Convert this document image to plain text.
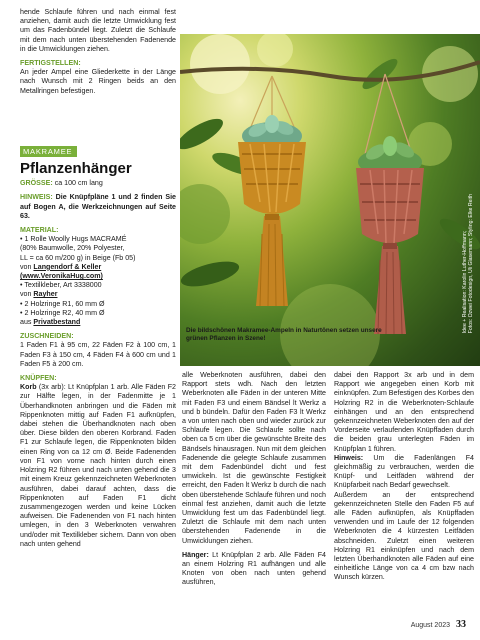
hende Schlaufe führen und nach einmal fest anziehen, damit auch die letzte Umwicklung fest um das Fadenbündel liegt. Zuletzt die Schlaufe mit dem nach unten überstehenden Fadenende in die Umwicklungen ziehen.

FERTIGSTELLEN:

An jeder Ampel eine Gliederkette in der Länge nach Wunsch mit 2 Ringen beids an den Metallringen befestigen.

Die bildschönen Makramee-Ampeln in Naturtönen setzen unsere grünen Pflanzen in Szene!
Idee + Realisation: Karolin Luther-Hoffmann;
Fotos: Ozwei Fotodesign, Uli Glasemann; Styling: Elke Reith
MAKRAMEE
Pflanzenhänger

GRÖSSE: ca 100 cm lang

HINWEIS: Die Knüpfpläne 1 und 2 finden Sie auf Bogen A, die Werkzeichnungen auf Seite 63.

MATERIAL:

• 1 Rolle Woolly Hugs MACRAMÉ
(80% Baumwolle, 20% Polyester,
LL = ca 60 m/200 g) in Beige (Fb 05)
von Langendorf & Keller
(www.VeronikaHug.com)
• Textilkleber, Art 3338000
von Rayher
• 2 Holzringe R1, 60 mm Ø
• 2 Holzringe R2, 40 mm Ø
aus Privatbestand

ZUSCHNEIDEN:

1 Faden F1 à 95 cm, 22 Fäden F2 à 100 cm, 1 Faden F3 à 150 cm, 4 Fäden F4 à 600 cm und 1 Faden F5 à 200 cm.

KNÜPFEN:

Korb (3x arb): Lt Knüpfplan 1 arb. Alle Fäden F2 zur Hälfte legen, in der Fadenmitte je 1 Überhandknoten anbringen und die Fäden mit Rippenknoten mittig auf Faden F1 aufknüpfen, dabei stehen die Überhandknoten nach oben über. Diese bilden den oberen Korbrand. Faden F1 zur Schlaufe legen, die Rippenknoten bilden einen Ring von ca 12 cm Ø. Beide Fadenenden von F1 von vorne nach hinten durch einen Holzring R2 führen und nach unten gehend die 3 mit einem Kreuz gekennzeichneten Weberknoten ausführen, dabei darauf achten, dass die Rippenknoten auf Faden F1 dicht zusammengezogen werden und keine Lücken aufweisen. Die Fadenenden von F1 nach hinten umlegen, in den 3 Weberknoten verwahren und/oder mit Textilkleber sichern. Dann von oben nach unten gehend

alle Weberknoten ausführen, dabei den Rapport stets wdh. Nach den letzten Weberknoten alle Fäden in der unteren Mitte mit Faden F3 und einem Bändsel lt Werkz a und b bündeln. Dafür den Faden F3 lt Werkz a von unten nach oben und wieder zurück zur Schlaufe legen. Die Schlaufe sollte nach oben ca 5 cm über die gewünschte Breite des Bändsels hinausragen. Nun mit dem gleichen Fadenende die gelegte Schlaufe zusammen mit dem Fadenbündel dicht und fest umwickeln. Ist die gewünschte Festigkeit erreicht, den Faden lt Werkz b durch die nach oben überstehende Schlaufe führen und noch einmal fest anziehen, damit auch die letzte Umwicklung fest um das Fadenbündel liegt. Zuletzt die Schlaufe mit dem nach unten überstehenden Fadenende in die Umwicklungen ziehen.

Hänger: Lt Knüpfplan 2 arb. Alle Fäden F4 an einem Holzring R1 aufhängen und alle Knoten von oben nach unten gehend ausführen,

dabei den Rapport 3x arb und in dem Rapport wie angegeben einen Korb mit einknüpfen. Zum Befestigen des Korbes den Holzring R2 in die Weberknoten-Schlaufe einhängen und an den entsprechend gekennzeichneten Weberknoten den auf der Vorderseite verlaufenden Knüpffaden durch die beiden grau unterlegten Fäden im Knüpfplan 1 führen.

Hinweis: Um die Fadenlängen F4 gleichmäßig zu verbrauchen, werden die Knüpf- und Leitfäden während der Knüpfarbeit nach Bedarf gewechselt.

Außerdem an der entsprechend gekennzeichneten Stelle den Faden F5 auf alle Fäden aufknüpfen, als Knüpffaden verwenden und im Laufe der 12 folgenden Weberknoten die 4 kürzesten Leitfäden abschneiden. Zuletzt einen weiteren Holzring R1 einknüpfen und nach dem letzten Überhandknoten alle Fäden auf eine einheitliche Länge von ca 4 cm bzw nach Wunsch kürzen.

August 2023 33
